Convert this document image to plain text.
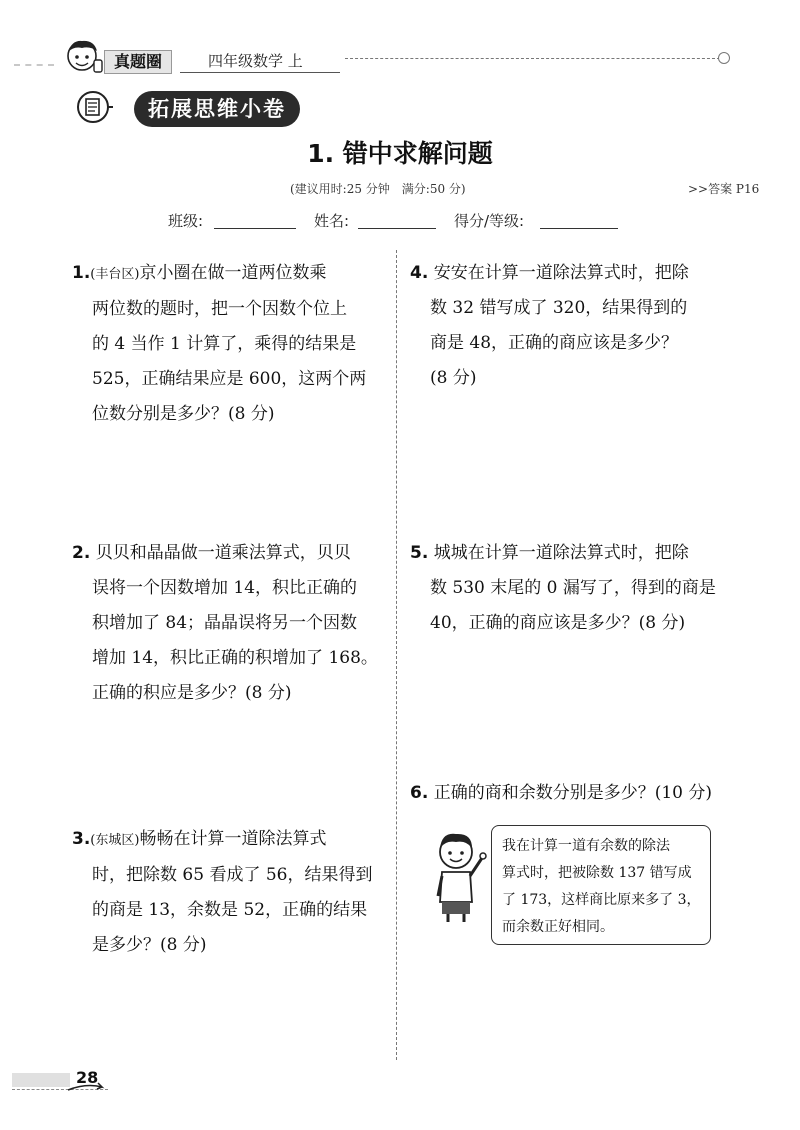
真题圈	四年级数学 上
拓展思维小卷
1. 错中求解问题
(建议用时:25 分钟　满分:50 分)	>>答案 P16
班级:	姓名:	得分/等级:
1.(丰台区)京小圈在做一道两位数乘
两位数的题时，把一个因数个位上
的 4 当作 1 计算了，乘得的结果是
525，正确结果应是 600，这两个两
位数分别是多少？(8 分)
2. 贝贝和晶晶做一道乘法算式，贝贝
误将一个因数增加 14，积比正确的
积增加了 84；晶晶误将另一个因数
增加 14，积比正确的积增加了 168。
正确的积应是多少？(8 分)
3.(东城区)畅畅在计算一道除法算式
时，把除数 65 看成了 56，结果得到
的商是 13，余数是 52，正确的结果
是多少？(8 分)
4. 安安在计算一道除法算式时，把除
数 32 错写成了 320，结果得到的
商是 48，正确的商应该是多少？
(8 分)
5. 城城在计算一道除法算式时，把除
数 530 末尾的 0 漏写了，得到的商是
40，正确的商应该是多少？(8 分)
6. 正确的商和余数分别是多少？(10 分)
我在计算一道有余数的除法
算式时，把被除数 137 错写成
了 173，这样商比原来多了 3，
而余数正好相同。
28
